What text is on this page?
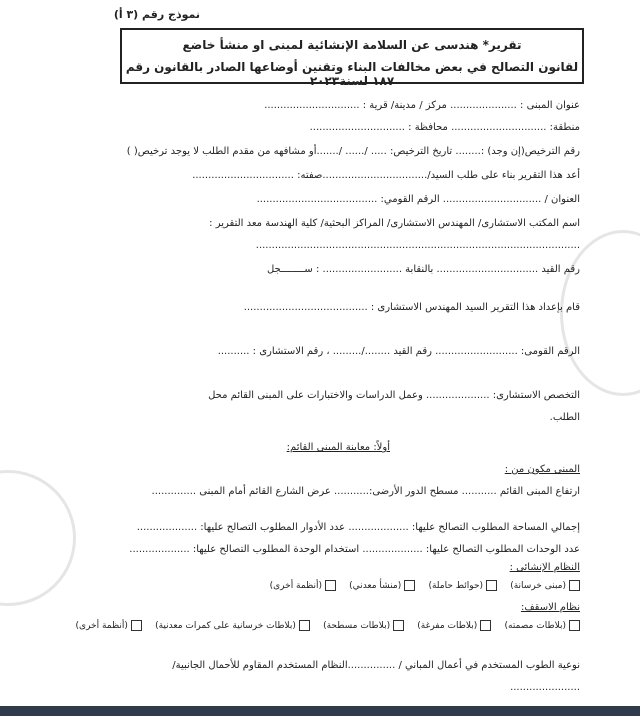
نموذج رقم (٣ أ)
تقرير* هندسى عن السلامة الإنشائية لمبنى او منشأ خاضع
لقانون التصالح في بعض مخالفات البناء وتقنين أوضاعها الصادر بالقانون رقم ١٨٧ لسنة٢٠٢٣
عنوان المبنى : ..................... مركز / مدينة/ قرية : ..............................
منطقة: .............................. محافظة : ..............................
رقم الترخيص(إن وجد) :........ تاريخ الترخيص: ..... /...... /.......أو مشافهه من مقدم الطلب لا يوجد ترخيص( )
أعد هذا التقرير بناء على طلب السيد/.................................صفته: ................................
العنوان / ............................... الرقم القومي: ......................................
اسم المكتب الاستشارى/ المهندس الاستشارى/ المراكز البحثية/ كلية الهندسة معد التقرير :
......................................................................................................
رقم القيد ................................ بالنقابة ......................... : ســــــــجل
قام بإعداد هذا التقرير السيد المهندس الاستشارى : .......................................
الرقم القومى: .......................... رقم القيد ......../......... ، رقم الاستشارى : ..........
التخصص الاستشارى: .................... وعمل الدراسات والاختبارات على المبنى القائم محل
الطلب.
أولاً: معاينة المبنى القائم:
المبنى مكون من :
ارتفاع المبنى القائم ........... مسطح الدور الأرضى:........... عرض الشارع القائم أمام المبنى ..............
إجمالي المساحة المطلوب التصالح عليها: ................... عدد الأدوار المطلوب التصالح عليها: ...................
عدد الوحدات المطلوب التصالح عليها: ................... استخدام الوحدة المطلوب التصالح عليها: ...................
النظام الإنشائى :
(مبنى خرسانة) (حوائط حاملة) (منشأ معدني) (أنظمة أخرى)
نظام الاسقف:
(بلاطات مصمته) (بلاطات مفرغة) (بلاطات مسطحة) (بلاطات خرسانية على كمرات معدنية) (أنظمة أخرى)
نوعية الطوب المستخدم في أعمال المباني / ...............النظام المستخدم المقاوم للأحمال الجانبية/
......................
